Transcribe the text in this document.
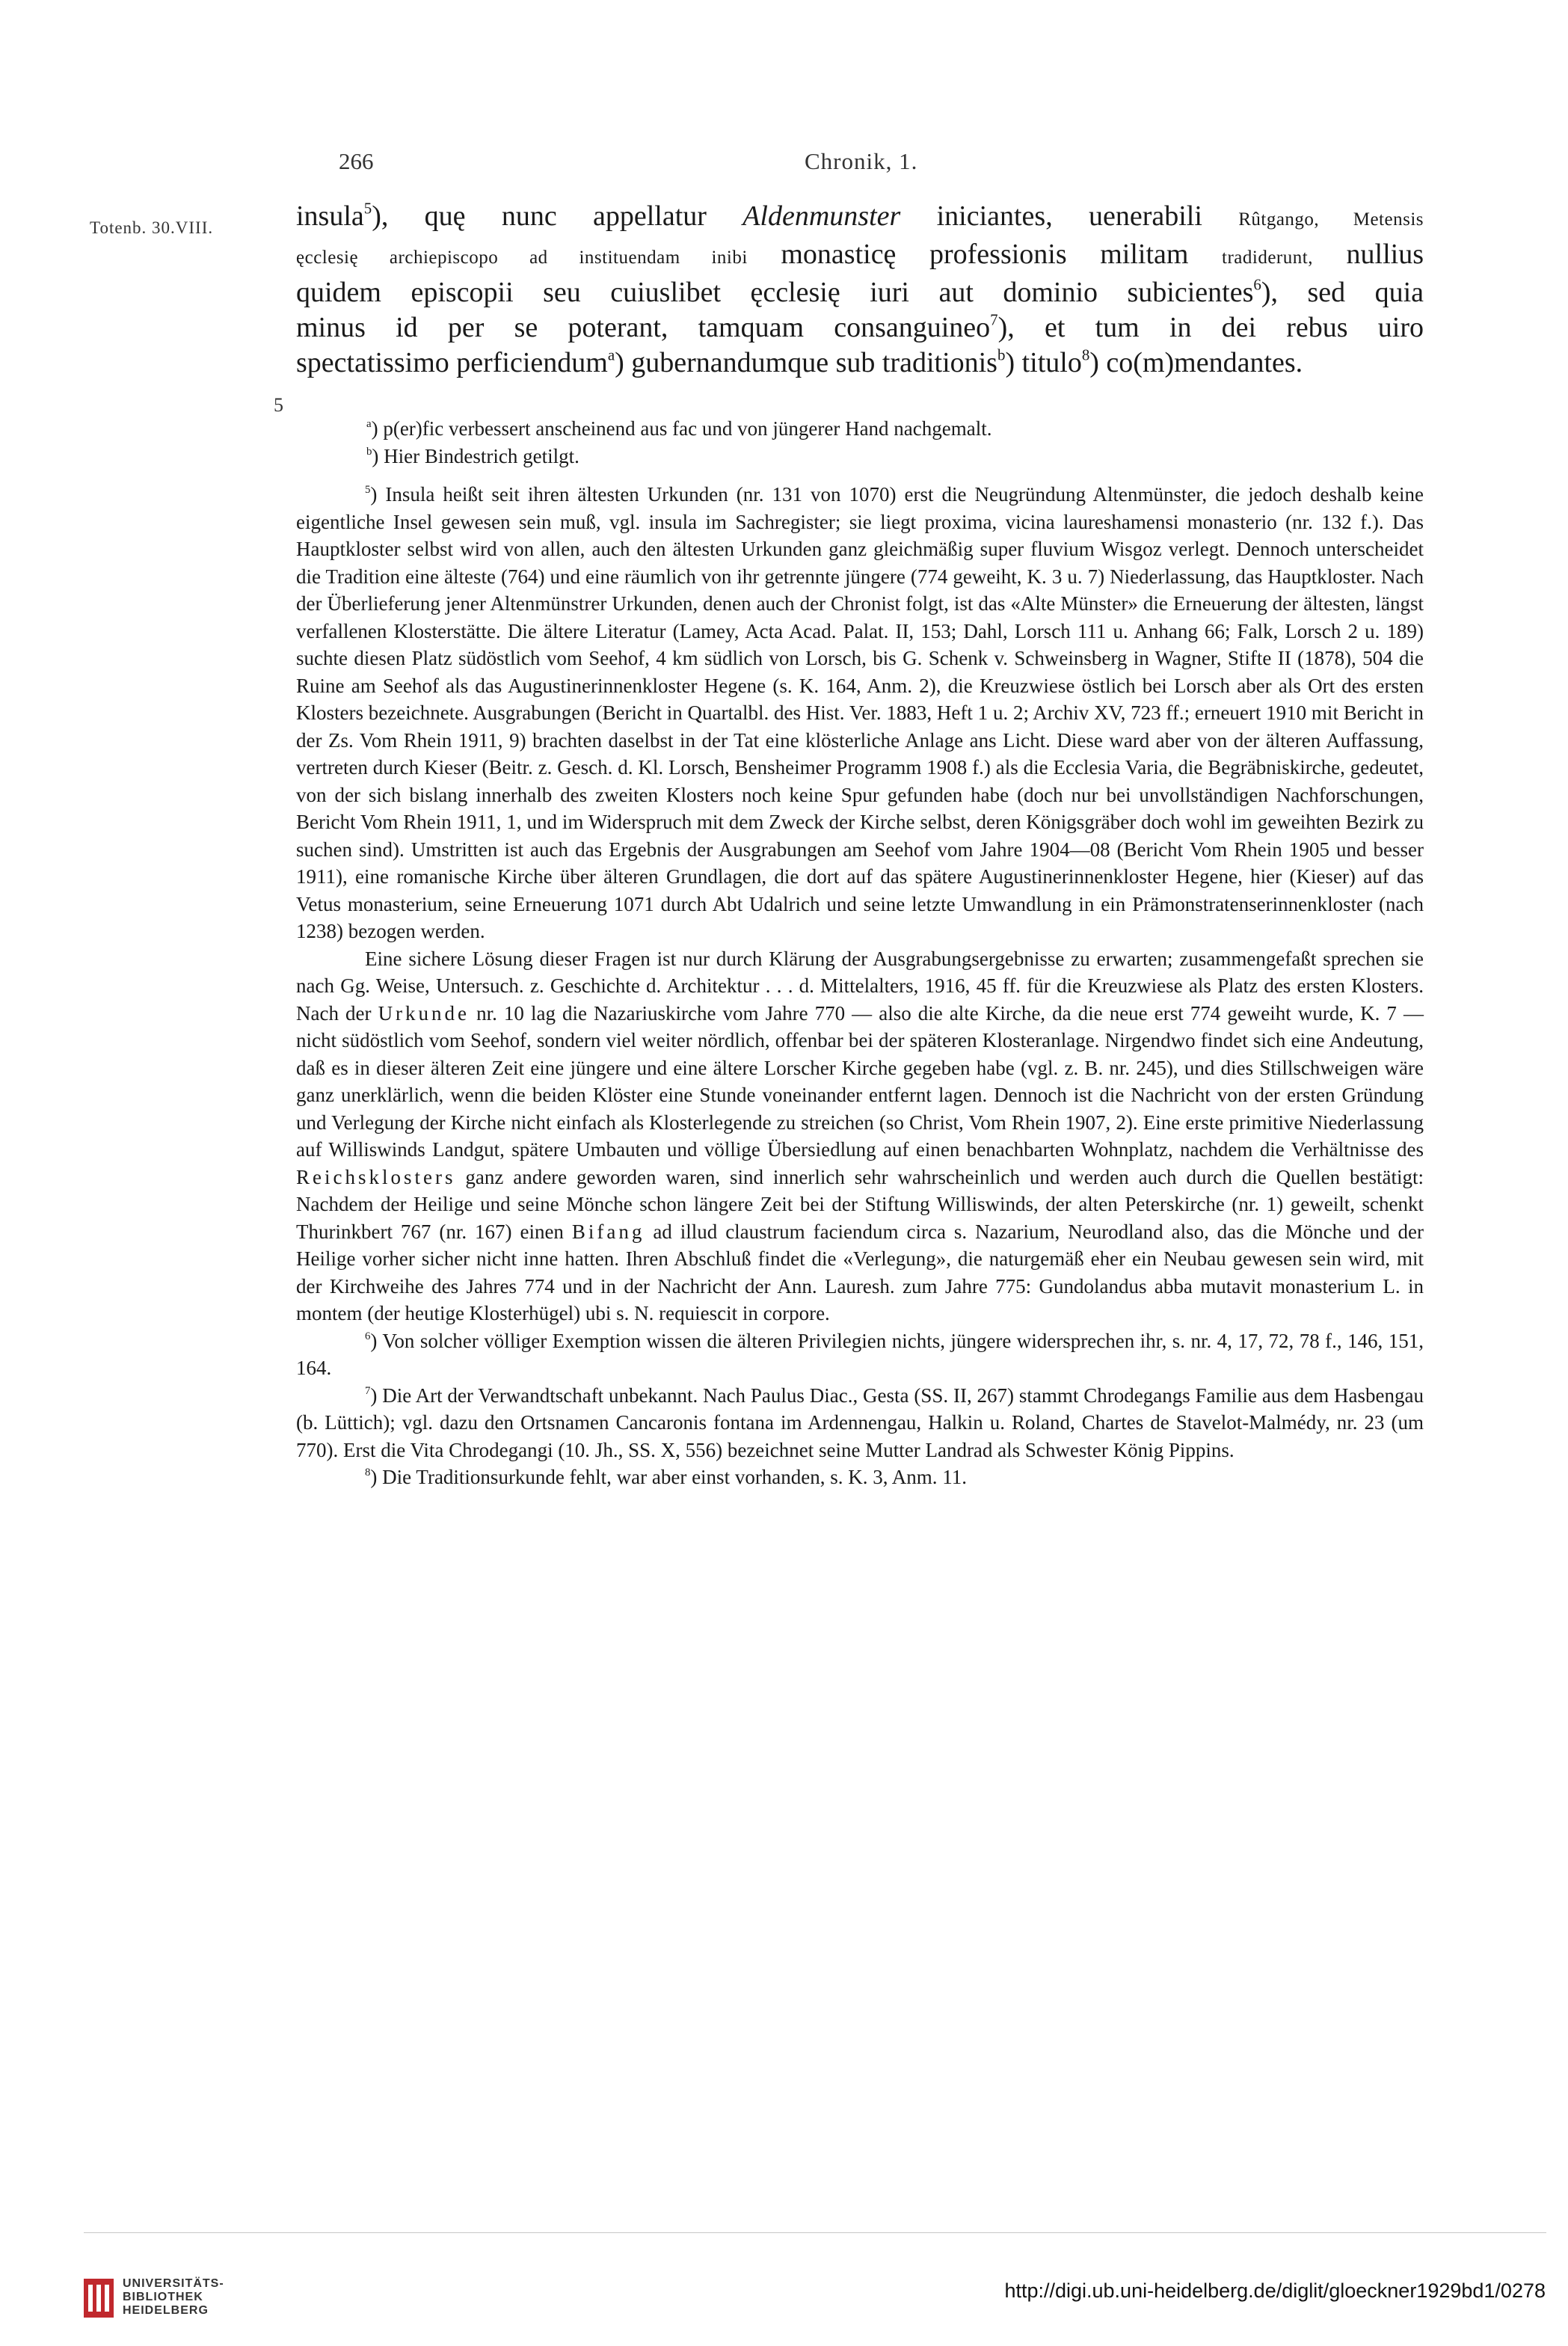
266	Chronik, 1.
Totenb. 30.VIII.
5

insula$^5$), quę nunc appellatur Aldenmunster iniciantes, uenerabili Rûtgango, Metensis

ęcclesię archiepiscopo ad instituendam inibi monasticę professionis militam tradiderunt, nullius

quidem episcopii seu cuiuslibet ęcclesię iuri aut dominio subicientes$^6$), sed quia

minus id per se poterant, tamquam consanguineo$^7$), et tum in dei rebus uiro

spectatissimo perficiendum$^a$) gubernandumque sub traditionis$^b$) titulo$^8$) co(m)mendantes.

$^a$) p(er)fic verbessert anscheinend aus fac und von jüngerer Hand nachgemalt.

$^b$) Hier Bindestrich getilgt.

$^5$) Insula heißt seit ihren ältesten Urkunden (nr. 131 von 1070) erst die Neugründung Altenmünster, die jedoch deshalb keine eigentliche Insel gewesen sein muß, vgl. insula im Sachregister; sie liegt proxima, vicina laureshamensi monasterio (nr. 132 f.). Das Hauptkloster selbst wird von allen, auch den ältesten Urkunden ganz gleichmäßig super fluvium Wisgoz verlegt. Dennoch unterscheidet die Tradition eine älteste (764) und eine räumlich von ihr getrennte jüngere (774 geweiht, K. 3 u. 7) Niederlassung, das Hauptkloster. Nach der Überlieferung jener Altenmünstrer Urkunden, denen auch der Chronist folgt, ist das «Alte Münster» die Erneuerung der ältesten, längst verfallenen Klosterstätte. Die ältere Literatur (Lamey, Acta Acad. Palat. II, 153; Dahl, Lorsch 111 u. Anhang 66; Falk, Lorsch 2 u. 189) suchte diesen Platz südöstlich vom Seehof, 4 km südlich von Lorsch, bis G. Schenk v. Schweinsberg in Wagner, Stifte II (1878), 504 die Ruine am Seehof als das Augustinerinnenkloster Hegene (s. K. 164, Anm. 2), die Kreuzwiese östlich bei Lorsch aber als Ort des ersten Klosters bezeichnete. Ausgrabungen (Bericht in Quartalbl. des Hist. Ver. 1883, Heft 1 u. 2; Archiv XV, 723 ff.; erneuert 1910 mit Bericht in der Zs. Vom Rhein 1911, 9) brachten daselbst in der Tat eine klösterliche Anlage ans Licht. Diese ward aber von der älteren Auffassung, vertreten durch Kieser (Beitr. z. Gesch. d. Kl. Lorsch, Bensheimer Programm 1908 f.) als die Ecclesia Varia, die Begräbniskirche, gedeutet, von der sich bislang innerhalb des zweiten Klosters noch keine Spur gefunden habe (doch nur bei unvollständigen Nachforschungen, Bericht Vom Rhein 1911, 1, und im Widerspruch mit dem Zweck der Kirche selbst, deren Königsgräber doch wohl im geweihten Bezirk zu suchen sind). Umstritten ist auch das Ergebnis der Ausgrabungen am Seehof vom Jahre 1904—08 (Bericht Vom Rhein 1905 und besser 1911), eine romanische Kirche über älteren Grundlagen, die dort auf das spätere Augustinerinnenkloster Hegene, hier (Kieser) auf das Vetus monasterium, seine Erneuerung 1071 durch Abt Udalrich und seine letzte Umwandlung in ein Prämonstratenserinnenkloster (nach 1238) bezogen werden.

Eine sichere Lösung dieser Fragen ist nur durch Klärung der Ausgrabungsergebnisse zu erwarten; zusammengefaßt sprechen sie nach Gg. Weise, Untersuch. z. Geschichte d. Architektur . . . d. Mittelalters, 1916, 45 ff. für die Kreuzwiese als Platz des ersten Klosters. Nach der Urkunde nr. 10 lag die Nazariuskirche vom Jahre 770 — also die alte Kirche, da die neue erst 774 geweiht wurde, K. 7 — nicht südöstlich vom Seehof, sondern viel weiter nördlich, offenbar bei der späteren Klosteranlage. Nirgendwo findet sich eine Andeutung, daß es in dieser älteren Zeit eine jüngere und eine ältere Lorscher Kirche gegeben habe (vgl. z. B. nr. 245), und dies Stillschweigen wäre ganz unerklärlich, wenn die beiden Klöster eine Stunde voneinander entfernt lagen. Dennoch ist die Nachricht von der ersten Gründung und Verlegung der Kirche nicht einfach als Klosterlegende zu streichen (so Christ, Vom Rhein 1907, 2). Eine erste primitive Niederlassung auf Williswinds Landgut, spätere Umbauten und völlige Übersiedlung auf einen benachbarten Wohnplatz, nachdem die Verhältnisse des Reichsklosters ganz andere geworden waren, sind innerlich sehr wahrscheinlich und werden auch durch die Quellen bestätigt: Nachdem der Heilige und seine Mönche schon längere Zeit bei der Stiftung Williswinds, der alten Peterskirche (nr. 1) geweilt, schenkt Thurinkbert 767 (nr. 167) einen Bifang ad illud claustrum faciendum circa s. Nazarium, Neurodland also, das die Mönche und der Heilige vorher sicher nicht inne hatten. Ihren Abschluß findet die «Verlegung», die naturgemäß eher ein Neubau gewesen sein wird, mit der Kirchweihe des Jahres 774 und in der Nachricht der Ann. Lauresh. zum Jahre 775: Gundolandus abba mutavit monasterium L. in montem (der heutige Klosterhügel) ubi s. N. requiescit in corpore.

$^6$) Von solcher völliger Exemption wissen die älteren Privilegien nichts, jüngere widersprechen ihr, s. nr. 4, 17, 72, 78 f., 146, 151, 164.

$^7$) Die Art der Verwandtschaft unbekannt. Nach Paulus Diac., Gesta (SS. II, 267) stammt Chrodegangs Familie aus dem Hasbengau (b. Lüttich); vgl. dazu den Ortsnamen Cancaronis fontana im Ardennengau, Halkin u. Roland, Chartes de Stavelot-Malmédy, nr. 23 (um 770). Erst die Vita Chrodegangi (10. Jh., SS. X, 556) bezeichnet seine Mutter Landrad als Schwester König Pippins.

$^8$) Die Traditionsurkunde fehlt, war aber einst vorhanden, s. K. 3, Anm. 11.

UNIVERSITÄTS-
BIBLIOTHEK
HEIDELBERG
http://digi.ub.uni-heidelberg.de/diglit/gloeckner1929bd1/0278
